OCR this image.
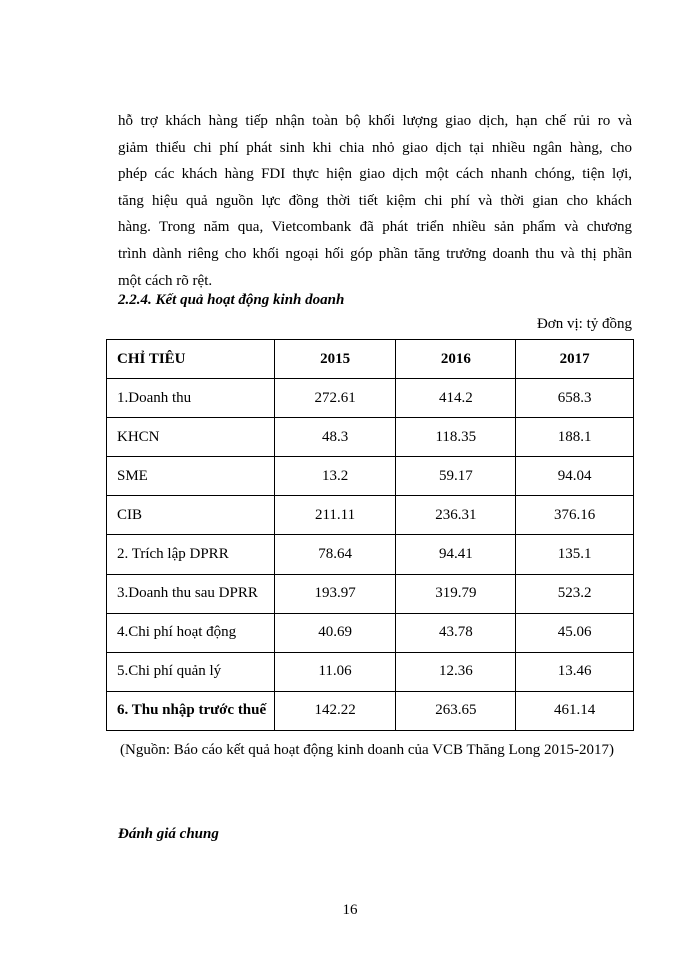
hỗ trợ khách hàng tiếp nhận toàn bộ khối lượng giao dịch, hạn chế rủi ro và
giảm thiểu chi phí phát sinh khi chia nhỏ giao dịch tại nhiều ngân hàng, cho
phép các khách hàng FDI thực hiện giao dịch một cách nhanh chóng, tiện lợi,
tăng hiệu quả nguồn lực đồng thời tiết kiệm chi phí và thời gian cho khách
hàng. Trong năm qua, Vietcombank đã phát triển nhiều sản phẩm và chương
trình dành riêng cho khối ngoại hối góp phần tăng trưởng doanh thu và thị phần
một cách rõ rệt.
2.2.4. Kết quả hoạt động kinh doanh
Đơn vị: tỷ đồng
CHỈ TIÊU	2015	2016	2017
1.Doanh thu	272.61	414.2	658.3
KHCN	48.3	118.35	188.1
SME	13.2	59.17	94.04
CIB	211.11	236.31	376.16
2. Trích lập DPRR	78.64	94.41	135.1
3.Doanh thu sau DPRR	193.97	319.79	523.2
4.Chi phí hoạt động	40.69	43.78	45.06
5.Chi phí quản lý	11.06	12.36	13.46
6. Thu nhập trước thuế	142.22	263.65	461.14
(Nguồn: Báo cáo kết quả hoạt động kinh doanh của VCB Thăng Long 2015-2017)
Đánh giá chung
16
